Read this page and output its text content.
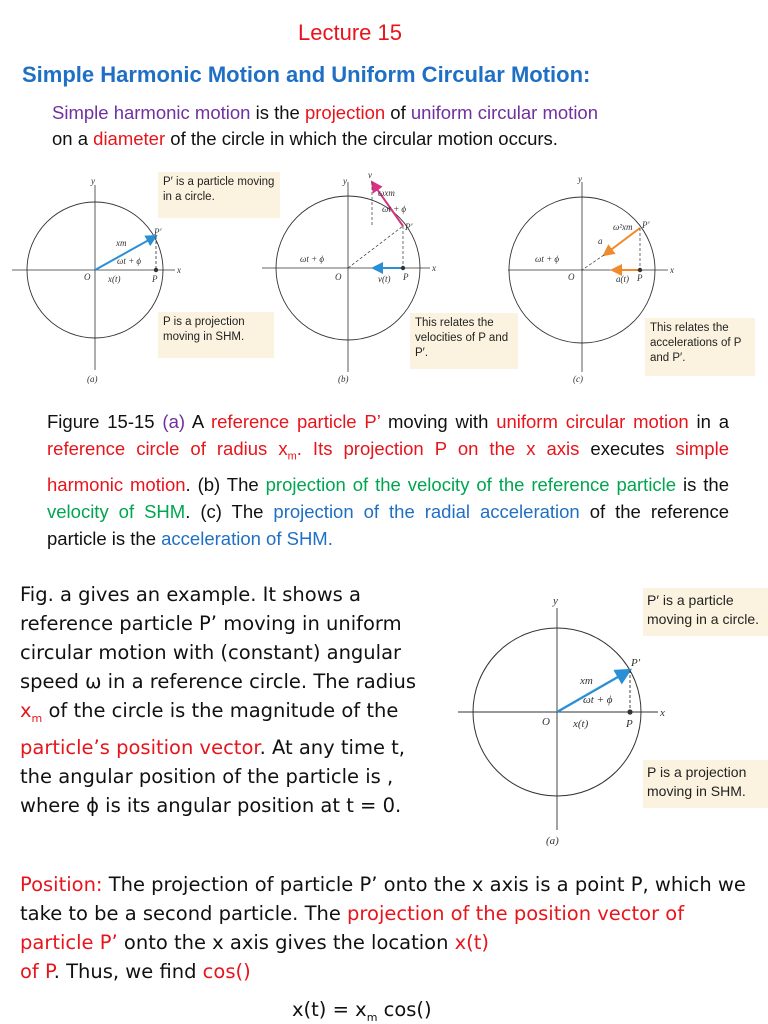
Lecture 15
Simple Harmonic Motion and Uniform Circular Motion:
Simple harmonic motion is the projection of uniform circular motion
on a diameter of the circle in which the circular motion occurs.
y
x
O	P
P′
xm
ωt + ϕ
x(t)
(a)
y
x
O	P
P′
v
ωxm
ωt + ϕ
ωt + ϕ
v(t)
(b)
y
x
O	P
P′
a
ω²xm
ωt + ϕ
a(t)
(c)
P′ is a particle moving in a circle.
P is a projection moving in SHM.
This relates the velocities of P and P′.
This relates the accelerations of P and P′.
Figure 15-15 (a) A reference particle P’ moving with uniform circular motion in a reference circle of radius $x_m$. Its projection P on the x axis executes simple harmonic motion. (b) The projection of the velocity of the reference particle is the velocity of SHM. (c) The projection of the radial acceleration of the reference particle is the acceleration of SHM.
Fig. a gives an example. It shows a reference particle P’ moving in uniform circular motion with (constant) angular speed ω in a reference circle. The radius $x_m$ of the circle is the magnitude of the particle’s position vector. At any time t, the angular position of the particle is , where ϕ is its angular position at t = 0.
y
x
O	P
P′
xm
ωt + ϕ
x(t)
(a)
P′ is a particle moving in a circle.
P is a projection moving in SHM.
Position: The projection of particle P’ onto the x axis is a point P, which we take to be a second particle. The projection of the position vector of particle P’ onto the x axis gives the location x(t)
of P. Thus, we find cos()
$x(t) = x_m$ cos()
